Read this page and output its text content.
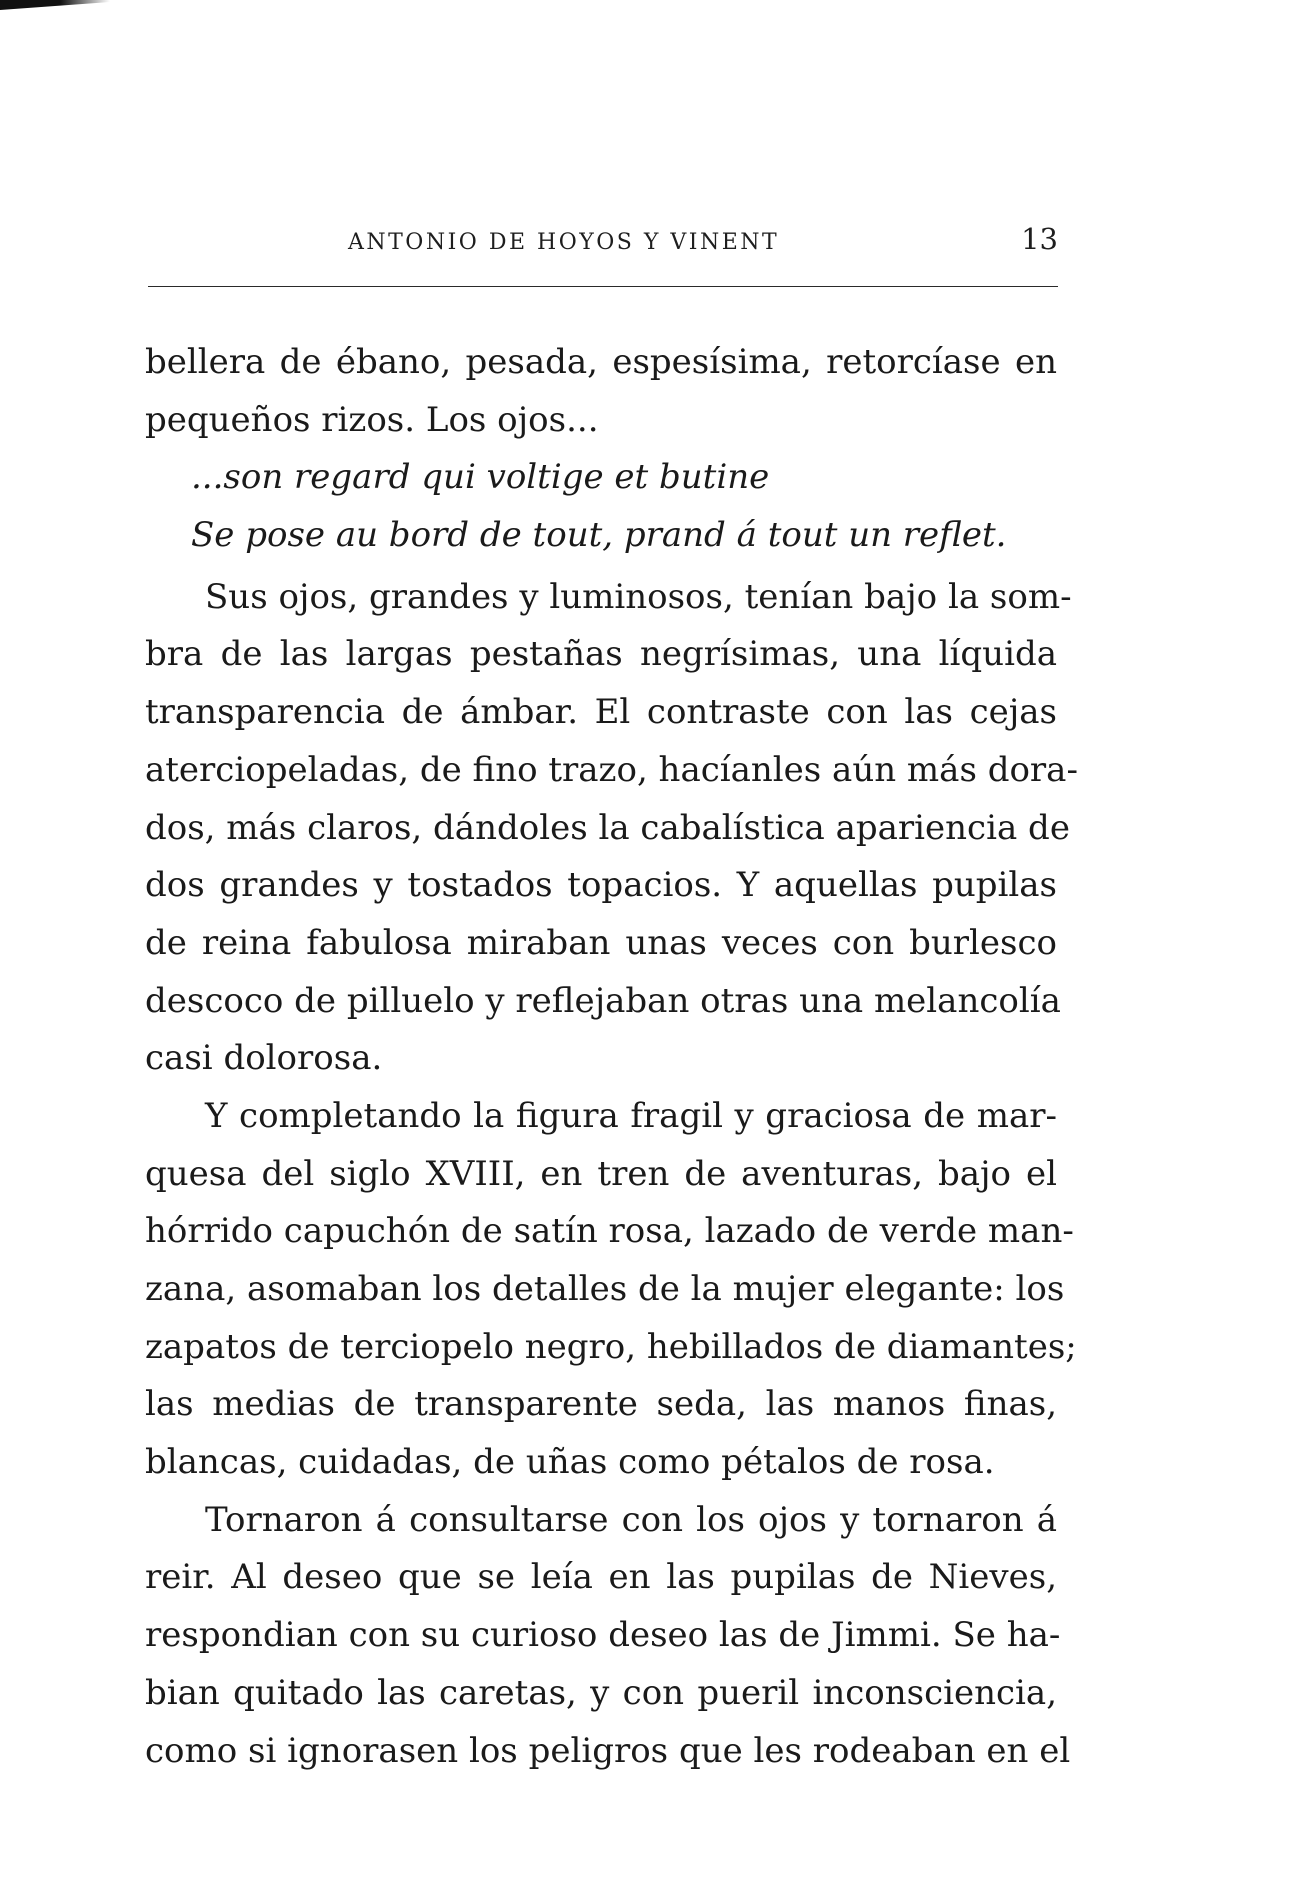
ANTONIO DE HOYOS Y VINENT	13
bellera de ébano, pesada, espesísima, retorcíase en
pequeños rizos. Los ojos...
...son regard qui voltige et butine
Se pose au bord de tout, prand á tout un reflet.
Sus ojos, grandes y luminosos, tenían bajo la som-
bra de las largas pestañas negrísimas, una líquida
transparencia de ámbar. El contraste con las cejas
aterciopeladas, de fino trazo, hacíanles aún más dora-
dos, más claros, dándoles la cabalística apariencia de
dos grandes y tostados topacios. Y aquellas pupilas
de reina fabulosa miraban unas veces con burlesco
descoco de pilluelo y reflejaban otras una melancolía
casi dolorosa.
Y completando la figura fragil y graciosa de mar-
quesa del siglo XVIII, en tren de aventuras, bajo el
hórrido capuchón de satín rosa, lazado de verde man-
zana, asomaban los detalles de la mujer elegante: los
zapatos de terciopelo negro, hebillados de diamantes;
las medias de transparente seda, las manos finas,
blancas, cuidadas, de uñas como pétalos de rosa.
Tornaron á consultarse con los ojos y tornaron á
reir. Al deseo que se leía en las pupilas de Nieves,
respondian con su curioso deseo las de Jimmi. Se ha-
bian quitado las caretas, y con pueril inconsciencia,
como si ignorasen los peligros que les rodeaban en el
